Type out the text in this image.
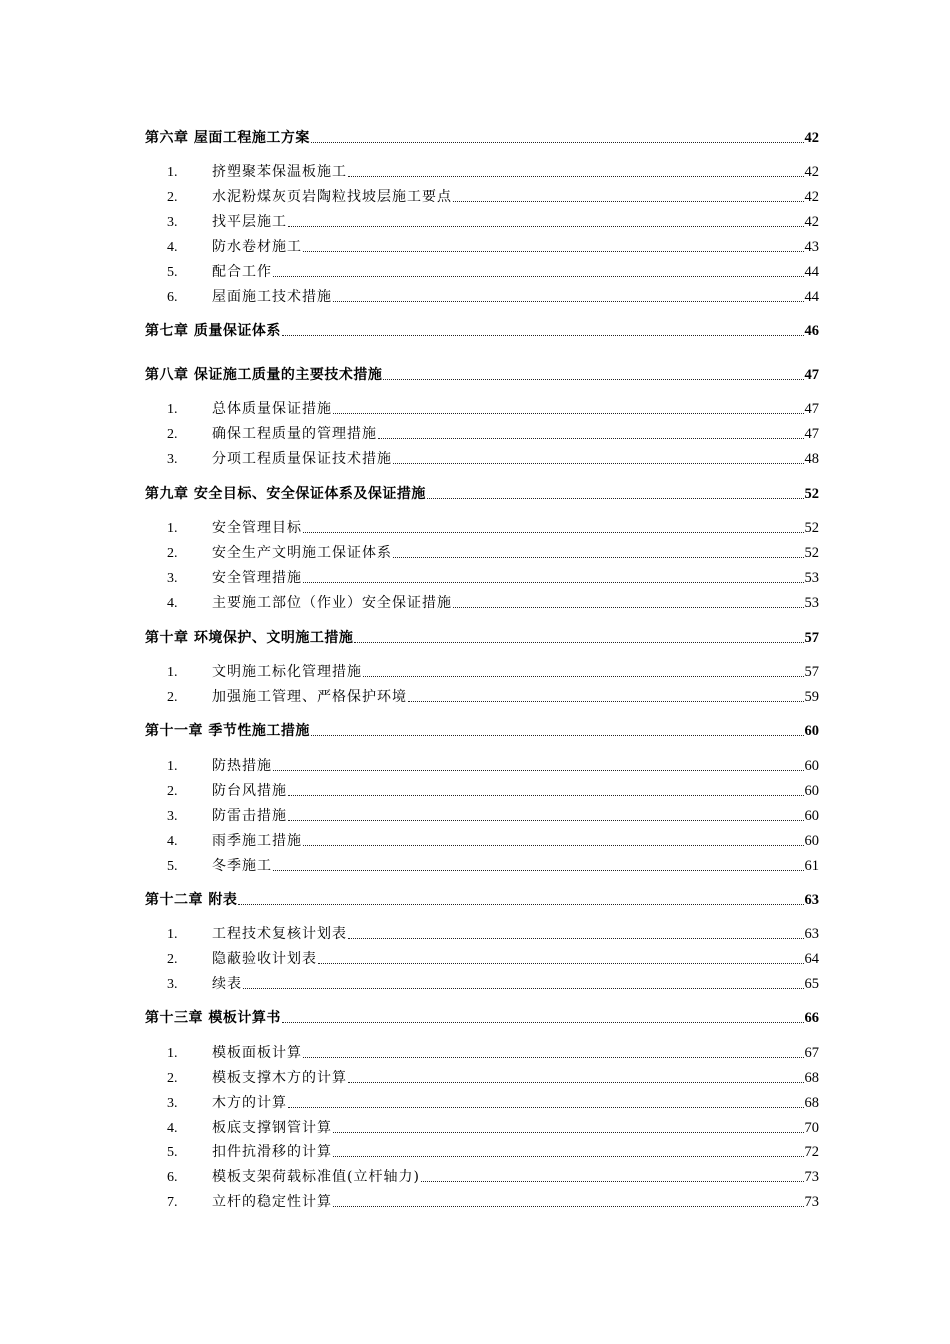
第六章 屋面工程施工方案	42
1.	挤塑聚苯保温板施工	42
2.	水泥粉煤灰页岩陶粒找坡层施工要点	42
3.	找平层施工	42
4.	防水卷材施工	43
5.	配合工作	44
6.	屋面施工技术措施	44
第七章 质量保证体系	46
第八章 保证施工质量的主要技术措施	47
1.	总体质量保证措施	47
2.	确保工程质量的管理措施	47
3.	分项工程质量保证技术措施	48
第九章 安全目标、安全保证体系及保证措施	52
1.	安全管理目标	52
2.	安全生产文明施工保证体系	52
3.	安全管理措施	53
4.	主要施工部位（作业）安全保证措施	53
第十章 环境保护、文明施工措施	57
1.	文明施工标化管理措施	57
2.	加强施工管理、严格保护环境	59
第十一章 季节性施工措施	60
1.	防热措施	60
2.	防台风措施	60
3.	防雷击措施	60
4.	雨季施工措施	60
5.	冬季施工	61
第十二章 附表	63
1.	工程技术复核计划表	63
2.	隐蔽验收计划表	64
3.	续表	65
第十三章 模板计算书	66
1.	模板面板计算	67
2.	模板支撑木方的计算	68
3.	木方的计算	68
4.	板底支撑钢管计算	70
5.	扣件抗滑移的计算	72
6.	模板支架荷载标准值(立杆轴力)	73
7.	立杆的稳定性计算	73
